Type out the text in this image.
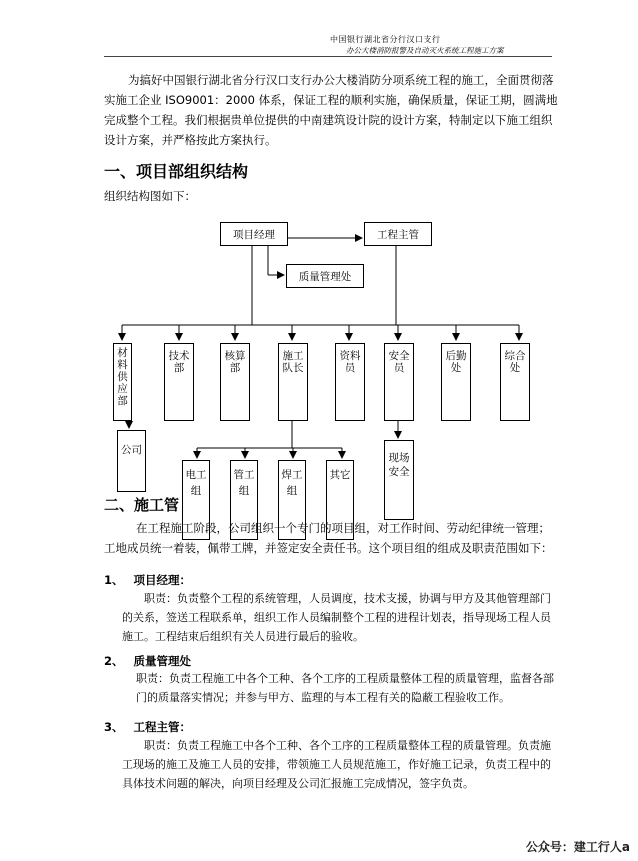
中国银行湖北省分行汉口支行
办公大楼消防报警及自动灭火系统工程施工方案
为搞好中国银行湖北省分行汉口支行办公大楼消防分项系统工程的施工，全面贯彻落实施工企业 ISO9001：2000 体系，保证工程的顺利实施，确保质量，保证工期，圆满地完成整个工程。我们根据贵单位提供的中南建筑设计院的设计方案，特制定以下施工组织设计方案，并严格按此方案执行。
一、项目部组织结构
组织结构图如下：
项目经理	工程主管
质量管理处
材料供应部
技术部
核算部
施工队长
资料员
安全员
后勤处
综合处
公司
电工组
管工组
焊工组
其它
现场安全
二、施工管
在工程施工阶段，公司组织一个专门的项目组，对工作时间、劳动纪律统一管理；工地成员统一着装，佩带工牌，并签定安全责任书。这个项目组的组成及职责范围如下：
1、 项目经理：
职责：负责整个工程的系统管理，人员调度，技术支援，协调与甲方及其他管理部门的关系，签送工程联系单，组织工作人员编制整个工程的进程计划表，指导现场工程人员施工。工程结束后组织有关人员进行最后的验收。
2、 质量管理处
职责：负责工程施工中各个工种、各个工序的工程质量整体工程的质量管理，监督各部门的质量落实情况；并参与甲方、监理的与本工程有关的隐蔽工程验收工作。
3、 工程主管：
职责：负责工程施工中各个工种、各个工序的工程质量整体工程的质量管理。负责施工现场的施工及施工人员的安排，带领施工人员规范施工，作好施工记录，负责工程中的具体技术问题的解决，向项目经理及公司汇报施工完成情况，签字负责。
公众号：建工行人a
